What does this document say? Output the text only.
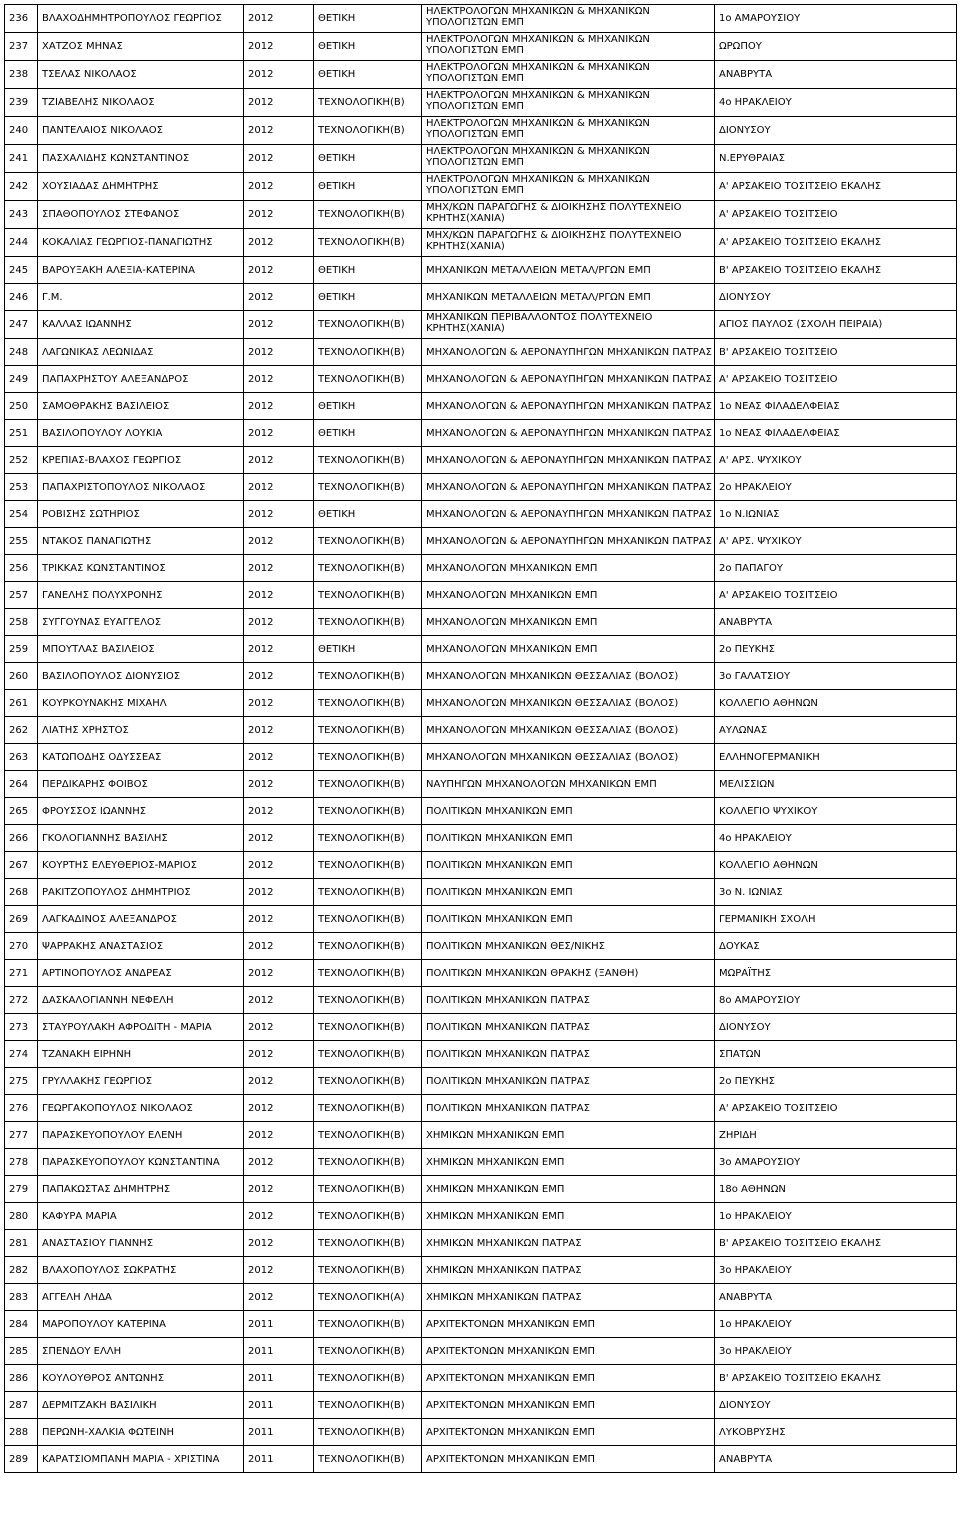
236	ΒΛΑΧΟΔΗΜΗΤΡΟΠΟΥΛΟΣ ΓΕΩΡΓΙΟΣ	2012	ΘΕΤΙΚΗ	ΗΛΕΚΤΡΟΛΟΓΩΝ ΜΗΧΑΝΙΚΩΝ & ΜΗΧΑΝΙΚΩΝ ΥΠΟΛΟΓΙΣΤΩΝ ΕΜΠ	1ο ΑΜΑΡΟΥΣΙΟΥ
237	ΧΑΤΖΟΣ ΜΗΝΑΣ	2012	ΘΕΤΙΚΗ	ΗΛΕΚΤΡΟΛΟΓΩΝ ΜΗΧΑΝΙΚΩΝ & ΜΗΧΑΝΙΚΩΝ ΥΠΟΛΟΓΙΣΤΩΝ ΕΜΠ	ΩΡΩΠΟΥ
238	ΤΣΕΛΑΣ ΝΙΚΟΛΑΟΣ	2012	ΘΕΤΙΚΗ	ΗΛΕΚΤΡΟΛΟΓΩΝ ΜΗΧΑΝΙΚΩΝ & ΜΗΧΑΝΙΚΩΝ ΥΠΟΛΟΓΙΣΤΩΝ ΕΜΠ	ΑΝΑΒΡΥΤΑ
239	ΤΖΙΑΒΕΛΗΣ ΝΙΚΟΛΑΟΣ	2012	ΤΕΧΝΟΛΟΓΙΚΗ(Β)	ΗΛΕΚΤΡΟΛΟΓΩΝ ΜΗΧΑΝΙΚΩΝ & ΜΗΧΑΝΙΚΩΝ ΥΠΟΛΟΓΙΣΤΩΝ ΕΜΠ	4ο ΗΡΑΚΛΕΙΟΥ
240	ΠΑΝΤΕΛΑΙΟΣ ΝΙΚΟΛΑΟΣ	2012	ΤΕΧΝΟΛΟΓΙΚΗ(Β)	ΗΛΕΚΤΡΟΛΟΓΩΝ ΜΗΧΑΝΙΚΩΝ & ΜΗΧΑΝΙΚΩΝ ΥΠΟΛΟΓΙΣΤΩΝ ΕΜΠ	ΔΙΟΝΥΣΟΥ
241	ΠΑΣΧΑΛΙΔΗΣ ΚΩΝΣΤΑΝΤΙΝΟΣ	2012	ΘΕΤΙΚΗ	ΗΛΕΚΤΡΟΛΟΓΩΝ ΜΗΧΑΝΙΚΩΝ & ΜΗΧΑΝΙΚΩΝ ΥΠΟΛΟΓΙΣΤΩΝ ΕΜΠ	Ν.ΕΡΥΘΡΑΙΑΣ
242	ΧΟΥΣΙΑΔΑΣ ΔΗΜΗΤΡΗΣ	2012	ΘΕΤΙΚΗ	ΗΛΕΚΤΡΟΛΟΓΩΝ ΜΗΧΑΝΙΚΩΝ & ΜΗΧΑΝΙΚΩΝ ΥΠΟΛΟΓΙΣΤΩΝ ΕΜΠ	Α' ΑΡΣΑΚΕΙΟ ΤΟΣΙΤΣΕΙΟ ΕΚΑΛΗΣ
243	ΣΠΑΘΟΠΟΥΛΟΣ ΣΤΕΦΑΝΟΣ	2012	ΤΕΧΝΟΛΟΓΙΚΗ(Β)	ΜΗΧ/ΚΩΝ ΠΑΡΑΓΩΓΗΣ & ΔΙΟΙΚΗΣΗΣ ΠΟΛΥΤΕΧΝΕΙΟ ΚΡΗΤΗΣ(ΧΑΝΙΑ)	Α' ΑΡΣΑΚΕΙΟ ΤΟΣΙΤΣΕΙΟ
244	ΚΟΚΑΛΙΑΣ ΓΕΩΡΓΙΟΣ-ΠΑΝΑΓΙΩΤΗΣ	2012	ΤΕΧΝΟΛΟΓΙΚΗ(Β)	ΜΗΧ/ΚΩΝ ΠΑΡΑΓΩΓΗΣ & ΔΙΟΙΚΗΣΗΣ ΠΟΛΥΤΕΧΝΕΙΟ ΚΡΗΤΗΣ(ΧΑΝΙΑ)	Α' ΑΡΣΑΚΕΙΟ ΤΟΣΙΤΣΕΙΟ ΕΚΑΛΗΣ
245	ΒΑΡΟΥΞΑΚΗ ΑΛΕΞΙΑ-ΚΑΤΕΡΙΝΑ	2012	ΘΕΤΙΚΗ	ΜΗΧΑΝΙΚΩΝ ΜΕΤΑΛΛΕΙΩΝ ΜΕΤΑΛ/ΡΓΩΝ ΕΜΠ	Β' ΑΡΣΑΚΕΙΟ ΤΟΣΙΤΣΕΙΟ ΕΚΑΛΗΣ
246	Γ.Μ.	2012	ΘΕΤΙΚΗ	ΜΗΧΑΝΙΚΩΝ ΜΕΤΑΛΛΕΙΩΝ ΜΕΤΑΛ/ΡΓΩΝ ΕΜΠ	ΔΙΟΝΥΣΟΥ
247	ΚΑΛΛΑΣ ΙΩΑΝΝΗΣ	2012	ΤΕΧΝΟΛΟΓΙΚΗ(Β)	ΜΗΧΑΝΙΚΩΝ ΠΕΡΙΒΑΛΛΟΝΤΟΣ ΠΟΛΥΤΕΧΝΕΙΟ ΚΡΗΤΗΣ(ΧΑΝΙΑ)	ΑΓΙΟΣ ΠΑΥΛΟΣ (ΣΧΟΛΗ ΠΕΙΡΑΙΑ)
248	ΛΑΓΩΝΙΚΑΣ ΛΕΩΝΙΔΑΣ	2012	ΤΕΧΝΟΛΟΓΙΚΗ(Β)	ΜΗΧΑΝΟΛΟΓΩΝ & ΑΕΡΟΝΑΥΠΗΓΩΝ ΜΗΧΑΝΙΚΩΝ ΠΑΤΡΑΣ	Β' ΑΡΣΑΚΕΙΟ ΤΟΣΙΤΣΕΙΟ
249	ΠΑΠΑΧΡΗΣΤΟΥ ΑΛΕΞΑΝΔΡΟΣ	2012	ΤΕΧΝΟΛΟΓΙΚΗ(Β)	ΜΗΧΑΝΟΛΟΓΩΝ & ΑΕΡΟΝΑΥΠΗΓΩΝ ΜΗΧΑΝΙΚΩΝ ΠΑΤΡΑΣ	Α' ΑΡΣΑΚΕΙΟ ΤΟΣΙΤΣΕΙΟ
250	ΣΑΜΟΘΡΑΚΗΣ ΒΑΣΙΛΕΙΟΣ	2012	ΘΕΤΙΚΗ	ΜΗΧΑΝΟΛΟΓΩΝ & ΑΕΡΟΝΑΥΠΗΓΩΝ ΜΗΧΑΝΙΚΩΝ ΠΑΤΡΑΣ	1ο ΝΕΑΣ ΦΙΛΑΔΕΛΦΕΙΑΣ
251	ΒΑΣΙΛΟΠΟΥΛΟΥ ΛΟΥΚΙΑ	2012	ΘΕΤΙΚΗ	ΜΗΧΑΝΟΛΟΓΩΝ & ΑΕΡΟΝΑΥΠΗΓΩΝ ΜΗΧΑΝΙΚΩΝ ΠΑΤΡΑΣ	1ο ΝΕΑΣ ΦΙΛΑΔΕΛΦΕΙΑΣ
252	ΚΡΕΠΙΑΣ-ΒΛΑΧΟΣ ΓΕΩΡΓΙΟΣ	2012	ΤΕΧΝΟΛΟΓΙΚΗ(Β)	ΜΗΧΑΝΟΛΟΓΩΝ & ΑΕΡΟΝΑΥΠΗΓΩΝ ΜΗΧΑΝΙΚΩΝ ΠΑΤΡΑΣ	Α' ΑΡΣ. ΨΥΧΙΚΟΥ
253	ΠΑΠΑΧΡΙΣΤΟΠΟΥΛΟΣ ΝΙΚΟΛΑΟΣ	2012	ΤΕΧΝΟΛΟΓΙΚΗ(Β)	ΜΗΧΑΝΟΛΟΓΩΝ & ΑΕΡΟΝΑΥΠΗΓΩΝ ΜΗΧΑΝΙΚΩΝ ΠΑΤΡΑΣ	2ο ΗΡΑΚΛΕΙΟΥ
254	ΡΟΒΙΣΗΣ ΣΩΤΗΡΙΟΣ	2012	ΘΕΤΙΚΗ	ΜΗΧΑΝΟΛΟΓΩΝ & ΑΕΡΟΝΑΥΠΗΓΩΝ ΜΗΧΑΝΙΚΩΝ ΠΑΤΡΑΣ	1ο Ν.ΙΩΝΙΑΣ
255	ΝΤΑΚΟΣ ΠΑΝΑΓΙΩΤΗΣ	2012	ΤΕΧΝΟΛΟΓΙΚΗ(Β)	ΜΗΧΑΝΟΛΟΓΩΝ & ΑΕΡΟΝΑΥΠΗΓΩΝ ΜΗΧΑΝΙΚΩΝ ΠΑΤΡΑΣ	Α' ΑΡΣ. ΨΥΧΙΚΟΥ
256	ΤΡΙΚΚΑΣ ΚΩΝΣΤΑΝΤΙΝΟΣ	2012	ΤΕΧΝΟΛΟΓΙΚΗ(Β)	ΜΗΧΑΝΟΛΟΓΩΝ ΜΗΧΑΝΙΚΩΝ ΕΜΠ	2ο ΠΑΠΑΓΟΥ
257	ΓΑΝΕΛΗΣ ΠΟΛΥΧΡΟΝΗΣ	2012	ΤΕΧΝΟΛΟΓΙΚΗ(Β)	ΜΗΧΑΝΟΛΟΓΩΝ ΜΗΧΑΝΙΚΩΝ ΕΜΠ	Α' ΑΡΣΑΚΕΙΟ ΤΟΣΙΤΣΕΙΟ
258	ΣΥΓΓΟΥΝΑΣ ΕΥΑΓΓΕΛΟΣ	2012	ΤΕΧΝΟΛΟΓΙΚΗ(Β)	ΜΗΧΑΝΟΛΟΓΩΝ ΜΗΧΑΝΙΚΩΝ ΕΜΠ	ΑΝΑΒΡΥΤΑ
259	ΜΠΟΥΤΛΑΣ ΒΑΣΙΛΕΙΟΣ	2012	ΘΕΤΙΚΗ	ΜΗΧΑΝΟΛΟΓΩΝ ΜΗΧΑΝΙΚΩΝ ΕΜΠ	2ο ΠΕΥΚΗΣ
260	ΒΑΣΙΛΟΠΟΥΛΟΣ ΔΙΟΝΥΣΙΟΣ	2012	ΤΕΧΝΟΛΟΓΙΚΗ(Β)	ΜΗΧΑΝΟΛΟΓΩΝ ΜΗΧΑΝΙΚΩΝ ΘΕΣΣΑΛΙΑΣ (ΒΟΛΟΣ)	3ο ΓΑΛΑΤΣΙΟΥ
261	ΚΟΥΡΚΟΥΝΑΚΗΣ ΜΙΧΑΗΛ	2012	ΤΕΧΝΟΛΟΓΙΚΗ(Β)	ΜΗΧΑΝΟΛΟΓΩΝ ΜΗΧΑΝΙΚΩΝ ΘΕΣΣΑΛΙΑΣ (ΒΟΛΟΣ)	ΚΟΛΛΕΓΙΟ ΑΘΗΝΩΝ
262	ΛΙΑΤΗΣ ΧΡΗΣΤΟΣ	2012	ΤΕΧΝΟΛΟΓΙΚΗ(Β)	ΜΗΧΑΝΟΛΟΓΩΝ ΜΗΧΑΝΙΚΩΝ ΘΕΣΣΑΛΙΑΣ (ΒΟΛΟΣ)	ΑΥΛΩΝΑΣ
263	ΚΑΤΩΠΟΔΗΣ ΟΔΥΣΣΕΑΣ	2012	ΤΕΧΝΟΛΟΓΙΚΗ(Β)	ΜΗΧΑΝΟΛΟΓΩΝ ΜΗΧΑΝΙΚΩΝ ΘΕΣΣΑΛΙΑΣ (ΒΟΛΟΣ)	ΕΛΛΗΝΟΓΕΡΜΑΝΙΚΗ
264	ΠΕΡΔΙΚΑΡΗΣ ΦΟΙΒΟΣ	2012	ΤΕΧΝΟΛΟΓΙΚΗ(Β)	ΝΑΥΠΗΓΩΝ ΜΗΧΑΝΟΛΟΓΩΝ ΜΗΧΑΝΙΚΩΝ ΕΜΠ	ΜΕΛΙΣΣΙΩΝ
265	ΦΡΟΥΣΣΟΣ ΙΩΑΝΝΗΣ	2012	ΤΕΧΝΟΛΟΓΙΚΗ(Β)	ΠΟΛΙΤΙΚΩΝ ΜΗΧΑΝΙΚΩΝ ΕΜΠ	ΚΟΛΛΕΓΙΟ ΨΥΧΙΚΟΥ
266	ΓΚΟΛΟΓΙΑΝΝΗΣ ΒΑΣΙΛΗΣ	2012	ΤΕΧΝΟΛΟΓΙΚΗ(Β)	ΠΟΛΙΤΙΚΩΝ ΜΗΧΑΝΙΚΩΝ ΕΜΠ	4ο ΗΡΑΚΛΕΙΟΥ
267	ΚΟΥΡΤΗΣ ΕΛΕΥΘΕΡΙΟΣ-ΜΑΡΙΟΣ	2012	ΤΕΧΝΟΛΟΓΙΚΗ(Β)	ΠΟΛΙΤΙΚΩΝ ΜΗΧΑΝΙΚΩΝ ΕΜΠ	ΚΟΛΛΕΓΙΟ ΑΘΗΝΩΝ
268	ΡΑΚΙΤΖΟΠΟΥΛΟΣ ΔΗΜΗΤΡΙΟΣ	2012	ΤΕΧΝΟΛΟΓΙΚΗ(Β)	ΠΟΛΙΤΙΚΩΝ ΜΗΧΑΝΙΚΩΝ ΕΜΠ	3ο Ν. ΙΩΝΙΑΣ
269	ΛΑΓΚΑΔΙΝΟΣ ΑΛΕΞΑΝΔΡΟΣ	2012	ΤΕΧΝΟΛΟΓΙΚΗ(Β)	ΠΟΛΙΤΙΚΩΝ ΜΗΧΑΝΙΚΩΝ ΕΜΠ	ΓΕΡΜΑΝΙΚΗ ΣΧΟΛΗ
270	ΨΑΡΡΑΚΗΣ ΑΝΑΣΤΑΣΙΟΣ	2012	ΤΕΧΝΟΛΟΓΙΚΗ(Β)	ΠΟΛΙΤΙΚΩΝ ΜΗΧΑΝΙΚΩΝ ΘΕΣ/ΝΙΚΗΣ	ΔΟΥΚΑΣ
271	ΑΡΤΙΝΟΠΟΥΛΟΣ ΑΝΔΡΕΑΣ	2012	ΤΕΧΝΟΛΟΓΙΚΗ(Β)	ΠΟΛΙΤΙΚΩΝ ΜΗΧΑΝΙΚΩΝ ΘΡΑΚΗΣ (ΞΑΝΘΗ)	ΜΩΡΑΪΤΗΣ
272	ΔΑΣΚΑΛΟΓΙΑΝΝΗ ΝΕΦΕΛΗ	2012	ΤΕΧΝΟΛΟΓΙΚΗ(Β)	ΠΟΛΙΤΙΚΩΝ ΜΗΧΑΝΙΚΩΝ ΠΑΤΡΑΣ	8ο ΑΜΑΡΟΥΣΙΟΥ
273	ΣΤΑΥΡΟΥΛΑΚΗ ΑΦΡΟΔΙΤΗ - ΜΑΡΙΑ	2012	ΤΕΧΝΟΛΟΓΙΚΗ(Β)	ΠΟΛΙΤΙΚΩΝ ΜΗΧΑΝΙΚΩΝ ΠΑΤΡΑΣ	ΔΙΟΝΥΣΟΥ
274	ΤΖΑΝΑΚΗ ΕΙΡΗΝΗ	2012	ΤΕΧΝΟΛΟΓΙΚΗ(Β)	ΠΟΛΙΤΙΚΩΝ ΜΗΧΑΝΙΚΩΝ ΠΑΤΡΑΣ	ΣΠΑΤΩΝ
275	ΓΡΥΛΛΑΚΗΣ ΓΕΩΡΓΙΟΣ	2012	ΤΕΧΝΟΛΟΓΙΚΗ(Β)	ΠΟΛΙΤΙΚΩΝ ΜΗΧΑΝΙΚΩΝ ΠΑΤΡΑΣ	2ο ΠΕΥΚΗΣ
276	ΓΕΩΡΓΑΚΟΠΟΥΛΟΣ ΝΙΚΟΛΑΟΣ	2012	ΤΕΧΝΟΛΟΓΙΚΗ(Β)	ΠΟΛΙΤΙΚΩΝ ΜΗΧΑΝΙΚΩΝ ΠΑΤΡΑΣ	Α' ΑΡΣΑΚΕΙΟ ΤΟΣΙΤΣΕΙΟ
277	ΠΑΡΑΣΚΕΥΟΠΟΥΛΟΥ ΕΛΕΝΗ	2012	ΤΕΧΝΟΛΟΓΙΚΗ(Β)	ΧΗΜΙΚΩΝ ΜΗΧΑΝΙΚΩΝ ΕΜΠ	ΖΗΡΙΔΗ
278	ΠΑΡΑΣΚΕΥΟΠΟΥΛΟΥ ΚΩΝΣΤΑΝΤΙΝΑ	2012	ΤΕΧΝΟΛΟΓΙΚΗ(Β)	ΧΗΜΙΚΩΝ ΜΗΧΑΝΙΚΩΝ ΕΜΠ	3ο ΑΜΑΡΟΥΣΙΟΥ
279	ΠΑΠΑΚΩΣΤΑΣ ΔΗΜΗΤΡΗΣ	2012	ΤΕΧΝΟΛΟΓΙΚΗ(Β)	ΧΗΜΙΚΩΝ ΜΗΧΑΝΙΚΩΝ ΕΜΠ	18ο ΑΘΗΝΩΝ
280	ΚΑΦΥΡΑ ΜΑΡΙΑ	2012	ΤΕΧΝΟΛΟΓΙΚΗ(Β)	ΧΗΜΙΚΩΝ ΜΗΧΑΝΙΚΩΝ ΕΜΠ	1ο ΗΡΑΚΛΕΙΟΥ
281	ΑΝΑΣΤΑΣΙΟΥ ΓΙΑΝΝΗΣ	2012	ΤΕΧΝΟΛΟΓΙΚΗ(Β)	ΧΗΜΙΚΩΝ ΜΗΧΑΝΙΚΩΝ ΠΑΤΡΑΣ	Β' ΑΡΣΑΚΕΙΟ ΤΟΣΙΤΣΕΙΟ ΕΚΑΛΗΣ
282	ΒΛΑΧΟΠΟΥΛΟΣ ΣΩΚΡΑΤΗΣ	2012	ΤΕΧΝΟΛΟΓΙΚΗ(Β)	ΧΗΜΙΚΩΝ ΜΗΧΑΝΙΚΩΝ ΠΑΤΡΑΣ	3ο ΗΡΑΚΛΕΙΟΥ
283	ΑΓΓΕΛΗ ΛΗΔΑ	2012	ΤΕΧΝΟΛΟΓΙΚΗ(Α)	ΧΗΜΙΚΩΝ ΜΗΧΑΝΙΚΩΝ ΠΑΤΡΑΣ	ΑΝΑΒΡΥΤΑ
284	ΜΑΡΟΠΟΥΛΟΥ ΚΑΤΕΡΙΝΑ	2011	ΤΕΧΝΟΛΟΓΙΚΗ(Β)	ΑΡΧΙΤΕΚΤΟΝΩΝ ΜΗΧΑΝΙΚΩΝ ΕΜΠ	1ο ΗΡΑΚΛΕΙΟΥ
285	ΣΠΕΝΔΟΥ ΕΛΛΗ	2011	ΤΕΧΝΟΛΟΓΙΚΗ(Β)	ΑΡΧΙΤΕΚΤΟΝΩΝ ΜΗΧΑΝΙΚΩΝ ΕΜΠ	3ο ΗΡΑΚΛΕΙΟΥ
286	ΚΟΥΛΟΥΘΡΟΣ ΑΝΤΩΝΗΣ	2011	ΤΕΧΝΟΛΟΓΙΚΗ(Β)	ΑΡΧΙΤΕΚΤΟΝΩΝ ΜΗΧΑΝΙΚΩΝ ΕΜΠ	Β' ΑΡΣΑΚΕΙΟ ΤΟΣΙΤΣΕΙΟ ΕΚΑΛΗΣ
287	ΔΕΡΜΙΤΖΑΚΗ ΒΑΣΙΛΙΚΗ	2011	ΤΕΧΝΟΛΟΓΙΚΗ(Β)	ΑΡΧΙΤΕΚΤΟΝΩΝ ΜΗΧΑΝΙΚΩΝ ΕΜΠ	ΔΙΟΝΥΣΟΥ
288	ΠΕΡΩΝΗ-ΧΑΛΚΙΑ ΦΩΤΕΙΝΗ	2011	ΤΕΧΝΟΛΟΓΙΚΗ(Β)	ΑΡΧΙΤΕΚΤΟΝΩΝ ΜΗΧΑΝΙΚΩΝ ΕΜΠ	ΛΥΚΟΒΡΥΣΗΣ
289	ΚΑΡΑΤΣΙΟΜΠΑΝΗ ΜΑΡΙΑ - ΧΡΙΣΤΙΝΑ	2011	ΤΕΧΝΟΛΟΓΙΚΗ(Β)	ΑΡΧΙΤΕΚΤΟΝΩΝ ΜΗΧΑΝΙΚΩΝ ΕΜΠ	ΑΝΑΒΡΥΤΑ
